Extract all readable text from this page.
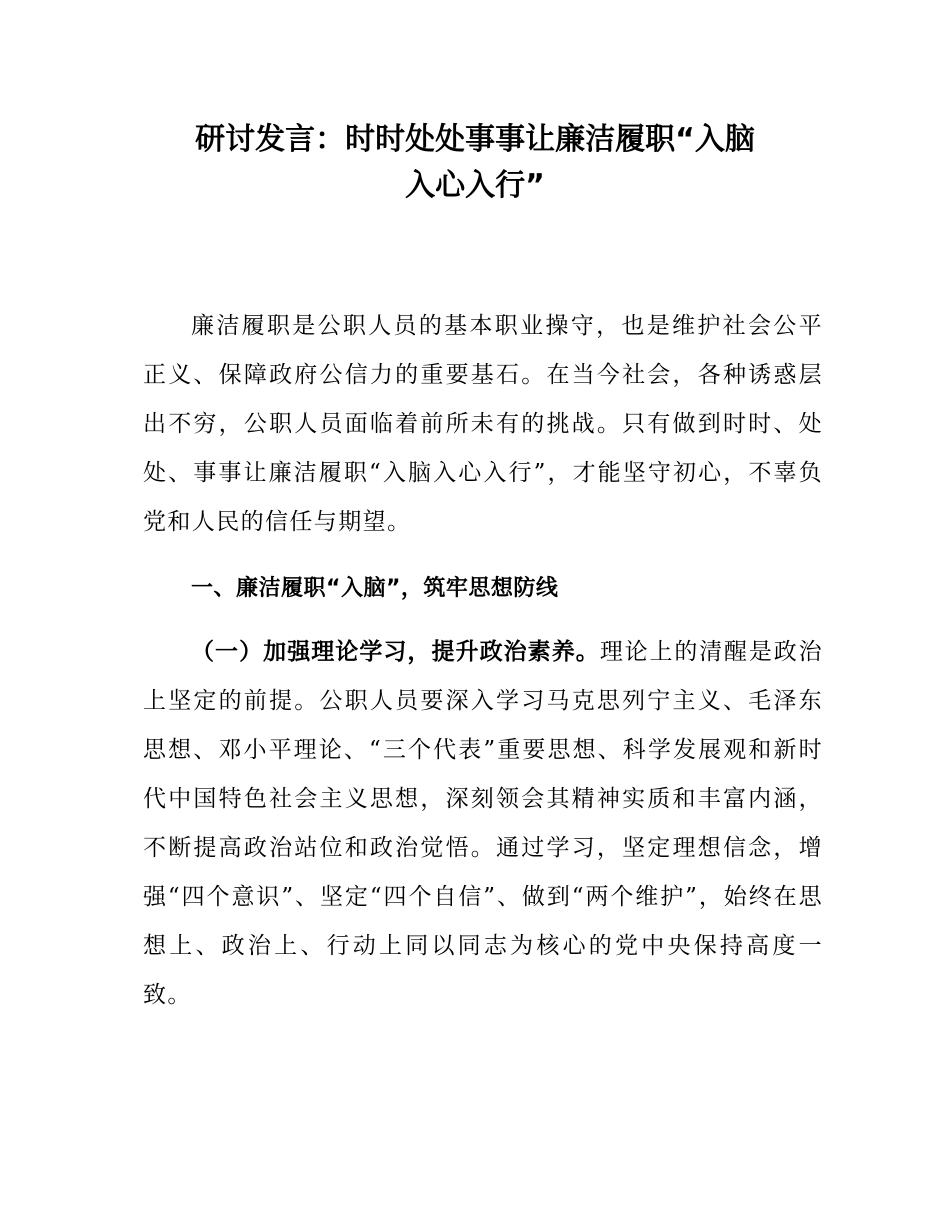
研讨发言：时时处处事事让廉洁履职“入脑
入心入行”

廉洁履职是公职人员的基本职业操守，也是维护社会公平正义、保障政府公信力的重要基石。在当今社会，各种诱惑层出不穷，公职人员面临着前所未有的挑战。只有做到时时、处处、事事让廉洁履职“入脑入心入行”，才能坚守初心，不辜负党和人民的信任与期望。

一、廉洁履职“入脑”，筑牢思想防线

（一）加强理论学习，提升政治素养。理论上的清醒是政治上坚定的前提。公职人员要深入学习马克思列宁主义、毛泽东思想、邓小平理论、“三个代表”重要思想、科学发展观和新时代中国特色社会主义思想，深刻领会其精神实质和丰富内涵，不断提高政治站位和政治觉悟。通过学习，坚定理想信念，增强“四个意识”、坚定“四个自信”、做到“两个维护”，始终在思想上、政治上、行动上同以同志为核心的党中央保持高度一致。
